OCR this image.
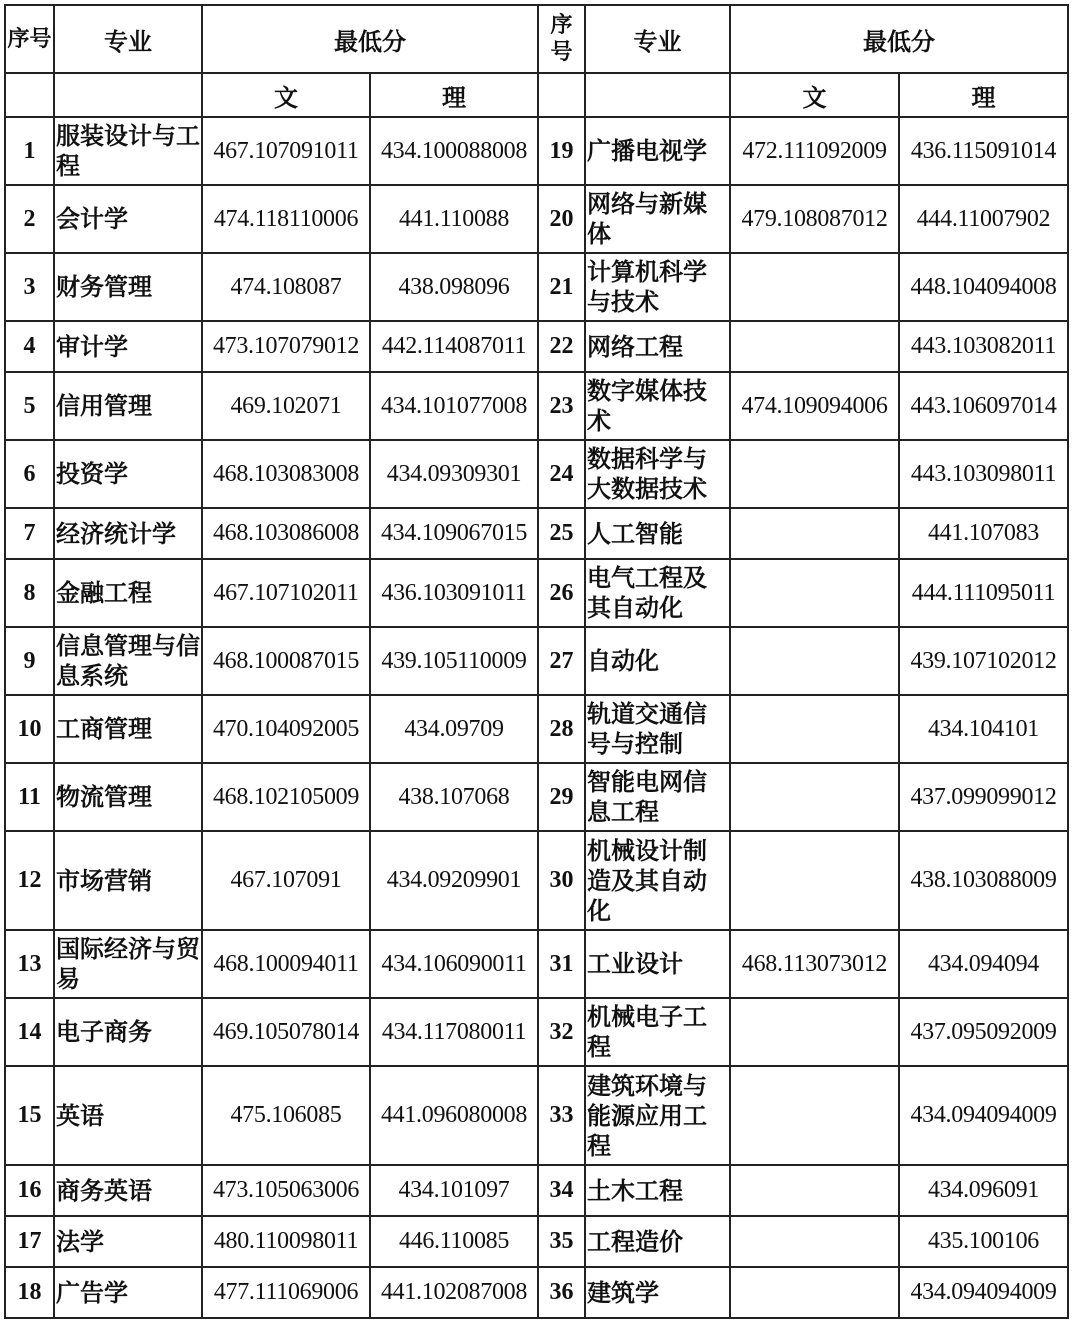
序号	专业	最低分		序号	专业	最低分	
		文	理			文	理
1	服装设计与工程	467.107091011	434.100088008	19	广播电视学	472.111092009	436.115091014
2	会计学	474.118110006	441.110088	20	网络与新媒体	479.108087012	444.11007902
3	财务管理	474.108087	438.098096	21	计算机科学与技术		448.104094008
4	审计学	473.107079012	442.114087011	22	网络工程		443.103082011
5	信用管理	469.102071	434.101077008	23	数字媒体技术	474.109094006	443.106097014
6	投资学	468.103083008	434.09309301	24	数据科学与大数据技术		443.103098011
7	经济统计学	468.103086008	434.109067015	25	人工智能		441.107083
8	金融工程	467.107102011	436.103091011	26	电气工程及其自动化		444.111095011
9	信息管理与信息系统	468.100087015	439.105110009	27	自动化		439.107102012
10	工商管理	470.104092005	434.09709	28	轨道交通信号与控制		434.104101
11	物流管理	468.102105009	438.107068	29	智能电网信息工程		437.099099012
12	市场营销	467.107091	434.09209901	30	机械设计制造及其自动化		438.103088009
13	国际经济与贸易	468.100094011	434.106090011	31	工业设计	468.113073012	434.094094
14	电子商务	469.105078014	434.117080011	32	机械电子工程		437.095092009
15	英语	475.106085	441.096080008	33	建筑环境与能源应用工程		434.094094009
16	商务英语	473.105063006	434.101097	34	土木工程		434.096091
17	法学	480.110098011	446.110085	35	工程造价		435.100106
18	广告学	477.111069006	441.102087008	36	建筑学		434.094094009
